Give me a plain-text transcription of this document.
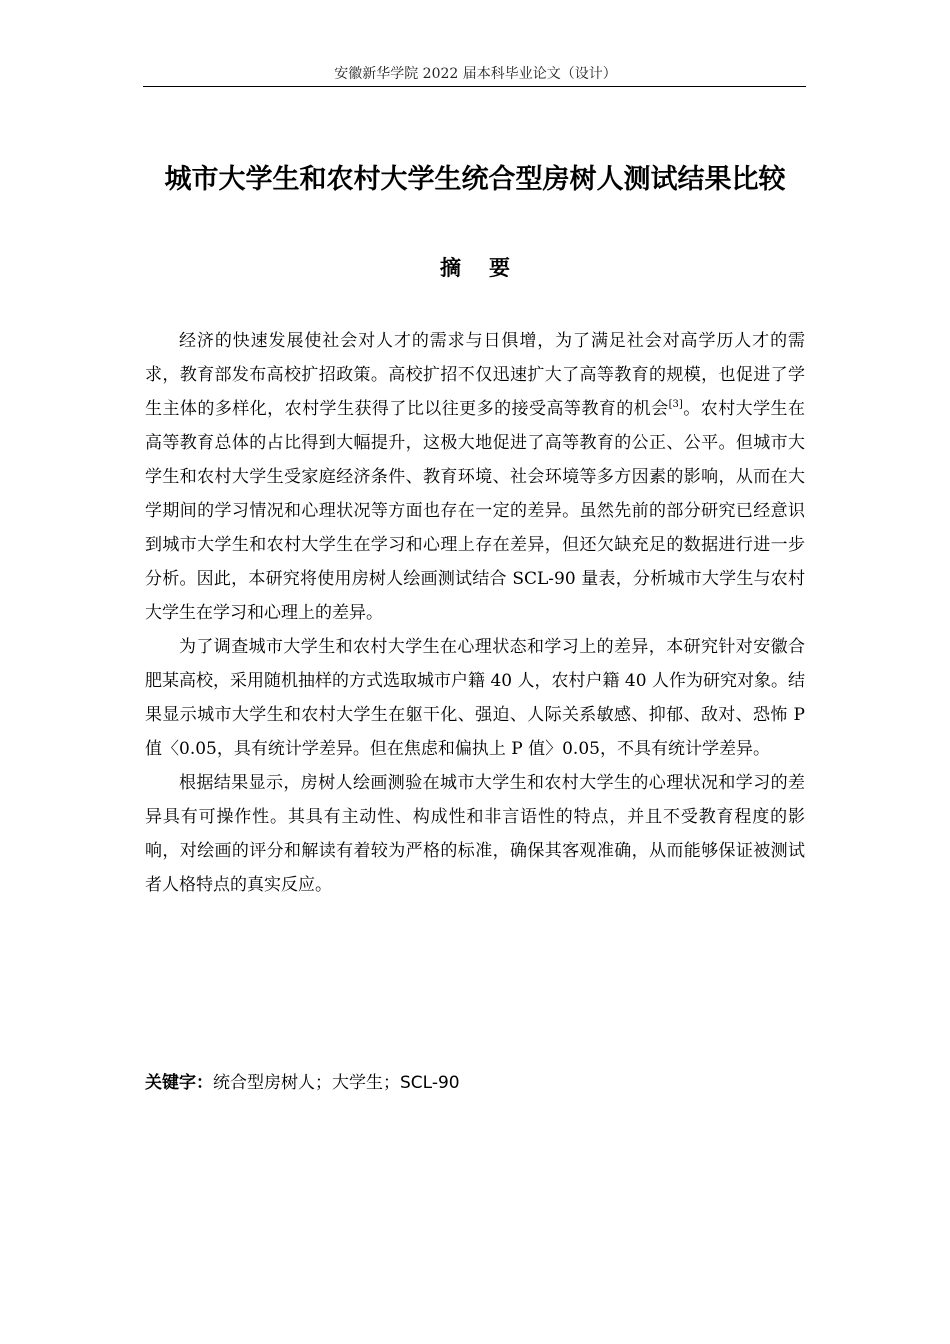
安徽新华学院 2022 届本科毕业论文（设计）
城市大学生和农村大学生统合型房树人测试结果比较
摘要

经济的快速发展使社会对人才的需求与日俱增，为了满足社会对高学历人才的需求，教育部发布高校扩招政策。高校扩招不仅迅速扩大了高等教育的规模，也促进了学生主体的多样化，农村学生获得了比以往更多的接受高等教育的机会[3]。农村大学生在高等教育总体的占比得到大幅提升，这极大地促进了高等教育的公正、公平。但城市大学生和农村大学生受家庭经济条件、教育环境、社会环境等多方因素的影响，从而在大学期间的学习情况和心理状况等方面也存在一定的差异。虽然先前的部分研究已经意识到城市大学生和农村大学生在学习和心理上存在差异，但还欠缺充足的数据进行进一步分析。因此，本研究将使用房树人绘画测试结合 SCL-90 量表，分析城市大学生与农村大学生在学习和心理上的差异。

为了调查城市大学生和农村大学生在心理状态和学习上的差异，本研究针对安徽合肥某高校，采用随机抽样的方式选取城市户籍 40 人，农村户籍 40 人作为研究对象。结果显示城市大学生和农村大学生在躯干化、强迫、人际关系敏感、抑郁、敌对、恐怖 P 值〈0.05，具有统计学差异。但在焦虑和偏执上 P 值〉0.05，不具有统计学差异。

根据结果显示，房树人绘画测验在城市大学生和农村大学生的心理状况和学习的差异具有可操作性。其具有主动性、构成性和非言语性的特点，并且不受教育程度的影响，对绘画的评分和解读有着较为严格的标准，确保其客观准确，从而能够保证被测试者人格特点的真实反应。

关键字：统合型房树人；大学生；SCL-90
